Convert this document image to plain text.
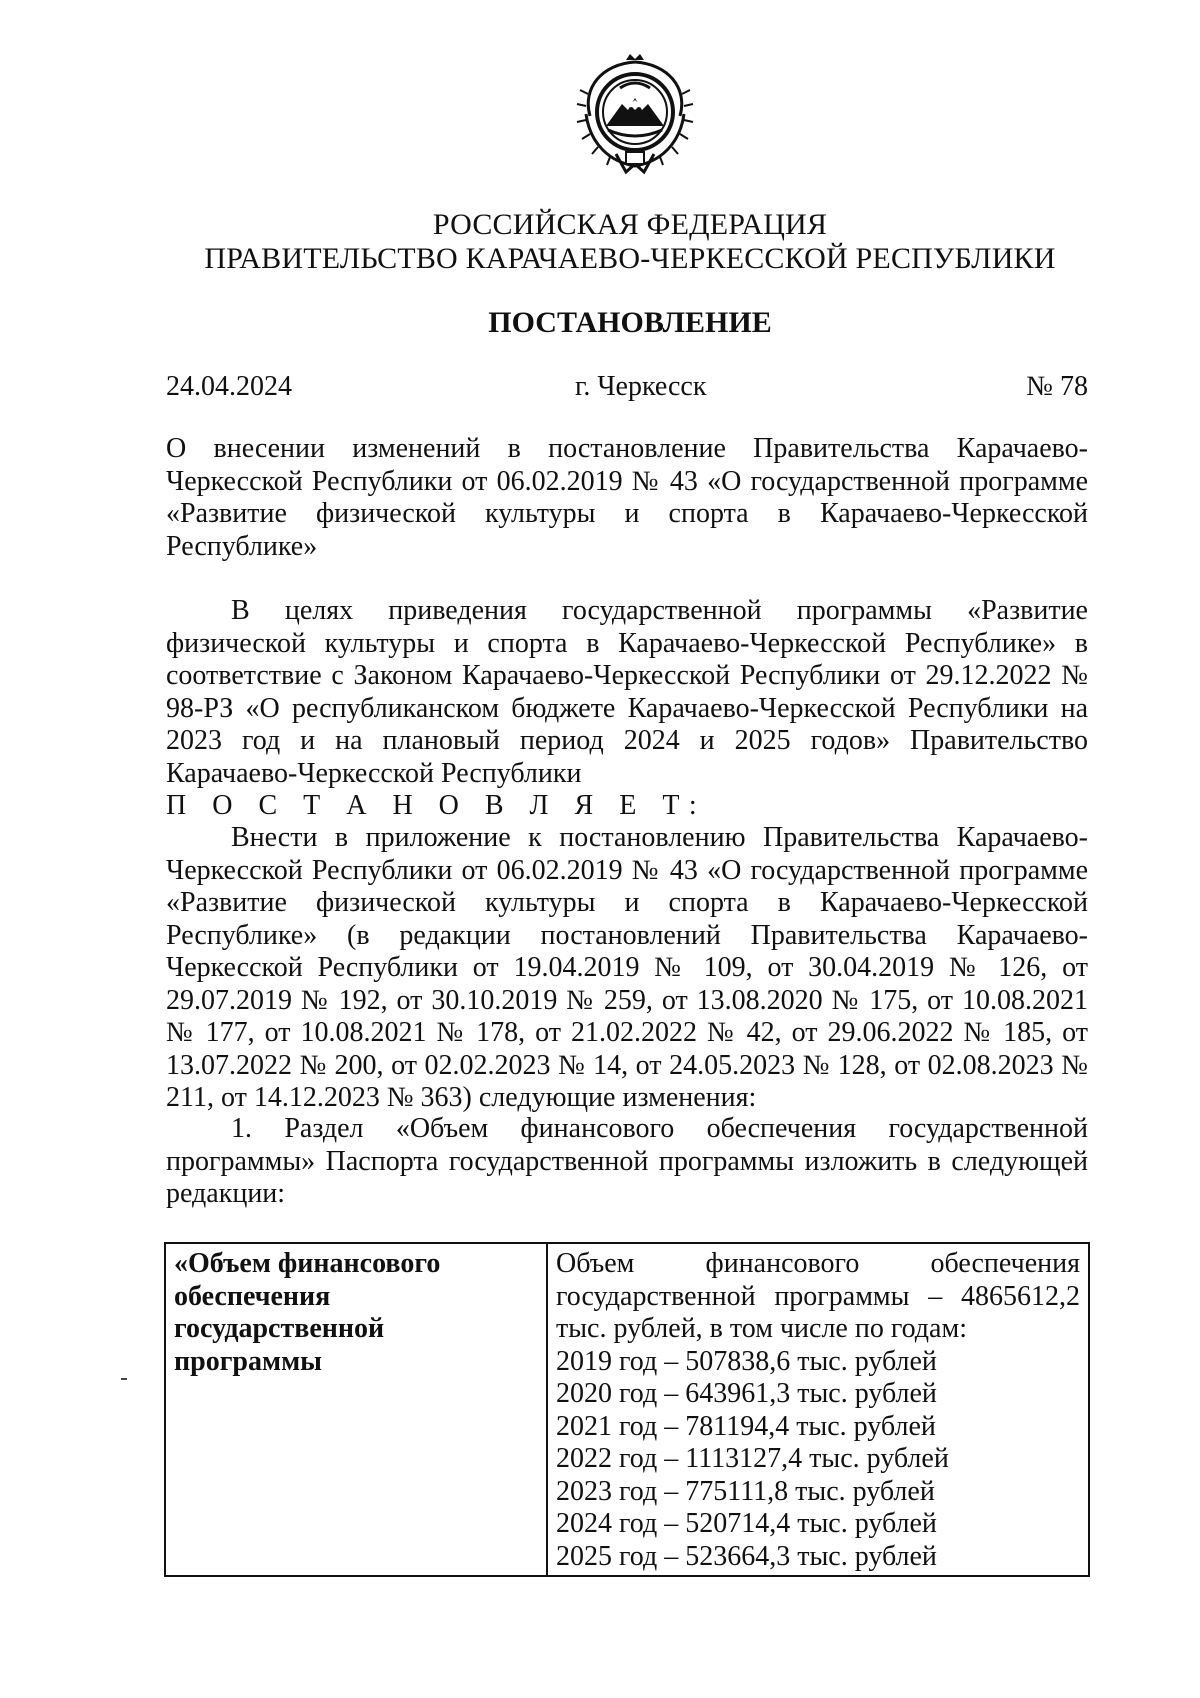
РОССИЙСКАЯ ФЕДЕРАЦИЯ
ПРАВИТЕЛЬСТВО КАРАЧАЕВО-ЧЕРКЕССКОЙ РЕСПУБЛИКИ
ПОСТАНОВЛЕНИЕ
24.04.2024	г. Черкесск	№ 78
О внесении изменений в постановление Правительства Карачаево-Черкесской Республики от 06.02.2019 № 43 «О государственной программе «Развитие физической культуры и спорта в Карачаево-Черкесской Республике»
В целях приведения государственной программы «Развитие физической культуры и спорта в Карачаево-Черкесской Республике» в соответствие с Законом Карачаево-Черкесской Республики от 29.12.2022 № 98-РЗ «О республиканском бюджете Карачаево-Черкесской Республики на 2023 год и на плановый период 2024 и 2025 годов» Правительство Карачаево-Черкесской Республики
П О С Т А Н О В Л Я Е Т:
Внести в приложение к постановлению Правительства Карачаево-Черкесской Республики от 06.02.2019 № 43 «О государственной программе «Развитие физической культуры и спорта в Карачаево-Черкесской Республике» (в редакции постановлений Правительства Карачаево-Черкесской Республики от 19.04.2019 № 109, от 30.04.2019 № 126, от 29.07.2019 № 192, от 30.10.2019 № 259, от 13.08.2020 № 175, от 10.08.2021 № 177, от 10.08.2021 № 178, от 21.02.2022 № 42, от 29.06.2022 № 185, от 13.07.2022 № 200, от 02.02.2023 № 14, от 24.05.2023 № 128, от 02.08.2023 № 211, от 14.12.2023 № 363) следующие изменения:
1. Раздел «Объем финансового обеспечения государственной программы» Паспорта государственной программы изложить в следующей редакции:
«Объем финансового обеспечения государственной программы	Объем финансового обеспечения государственной программы – 4865612,2 тыс. рублей, в том числе по годам:
2019 год – 507838,6 тыс. рублей
2020 год – 643961,3 тыс. рублей
2021 год – 781194,4 тыс. рублей
2022 год – 1113127,4 тыс. рублей
2023 год – 775111,8 тыс. рублей
2024 год – 520714,4 тыс. рублей
2025 год – 523664,3 тыс. рублей
